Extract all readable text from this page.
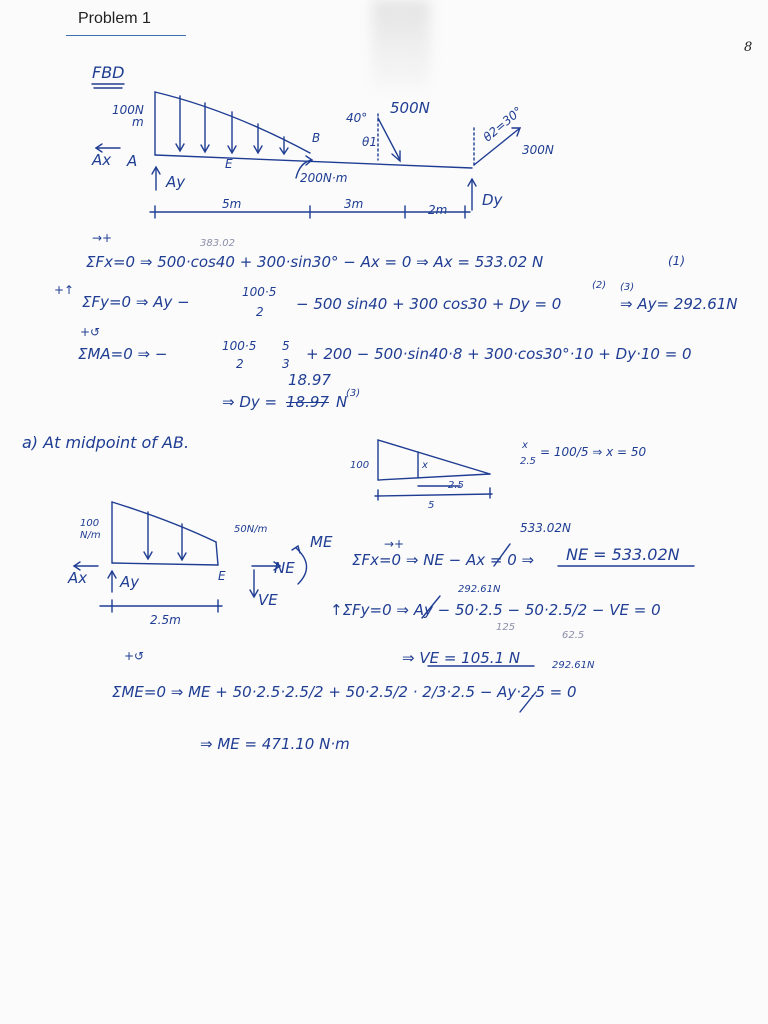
Problem 1
8
FBD
100N
m
Ax A
Ay
E
B
200N·m
40°
θ1
500N	θ2=30°
300N
Dy
5m	3m	2m
383.02
→+
ΣFx=0 ⇒ 500·cos40 + 300·sin30° − Ax = 0 ⇒ Ax = 533.02 N	(1)
+↑
ΣFy=0 ⇒ Ay −
100·5
2 − 500 sin40 + 300 cos30 + Dy = 0
(2) (3)
⇒ Ay= 292.61N
+↺
ΣMA=0 ⇒ −	100·5
2
5
3
+ 200 − 500·sin40·8 + 300·cos30°·10 + Dy·10 = 0
18.97
⇒ Dy = 18.97 N
(3)
a) At midpoint of AB.
100	x
2.5
5
x
2.5
= 100/5 ⇒ x = 50
100
N/m
50N/m
Ax Ay	E
ME
NE
VE
2.5m
533.02N
→+
ΣFx=0 ⇒ NE − Ax = 0 ⇒ NE = 533.02N
292.61N
↑ΣFy=0 ⇒ Ay − 50·2.5 − 50·2.5/2 − VE = 0
125
62.5
⇒ VE = 105.1 N	292.61N
+↺
ΣME=0 ⇒ ME + 50·2.5·2.5/2 + 50·2.5/2 · 2/3·2.5 − Ay·2.5 = 0
⇒ ME = 471.10 N·m
